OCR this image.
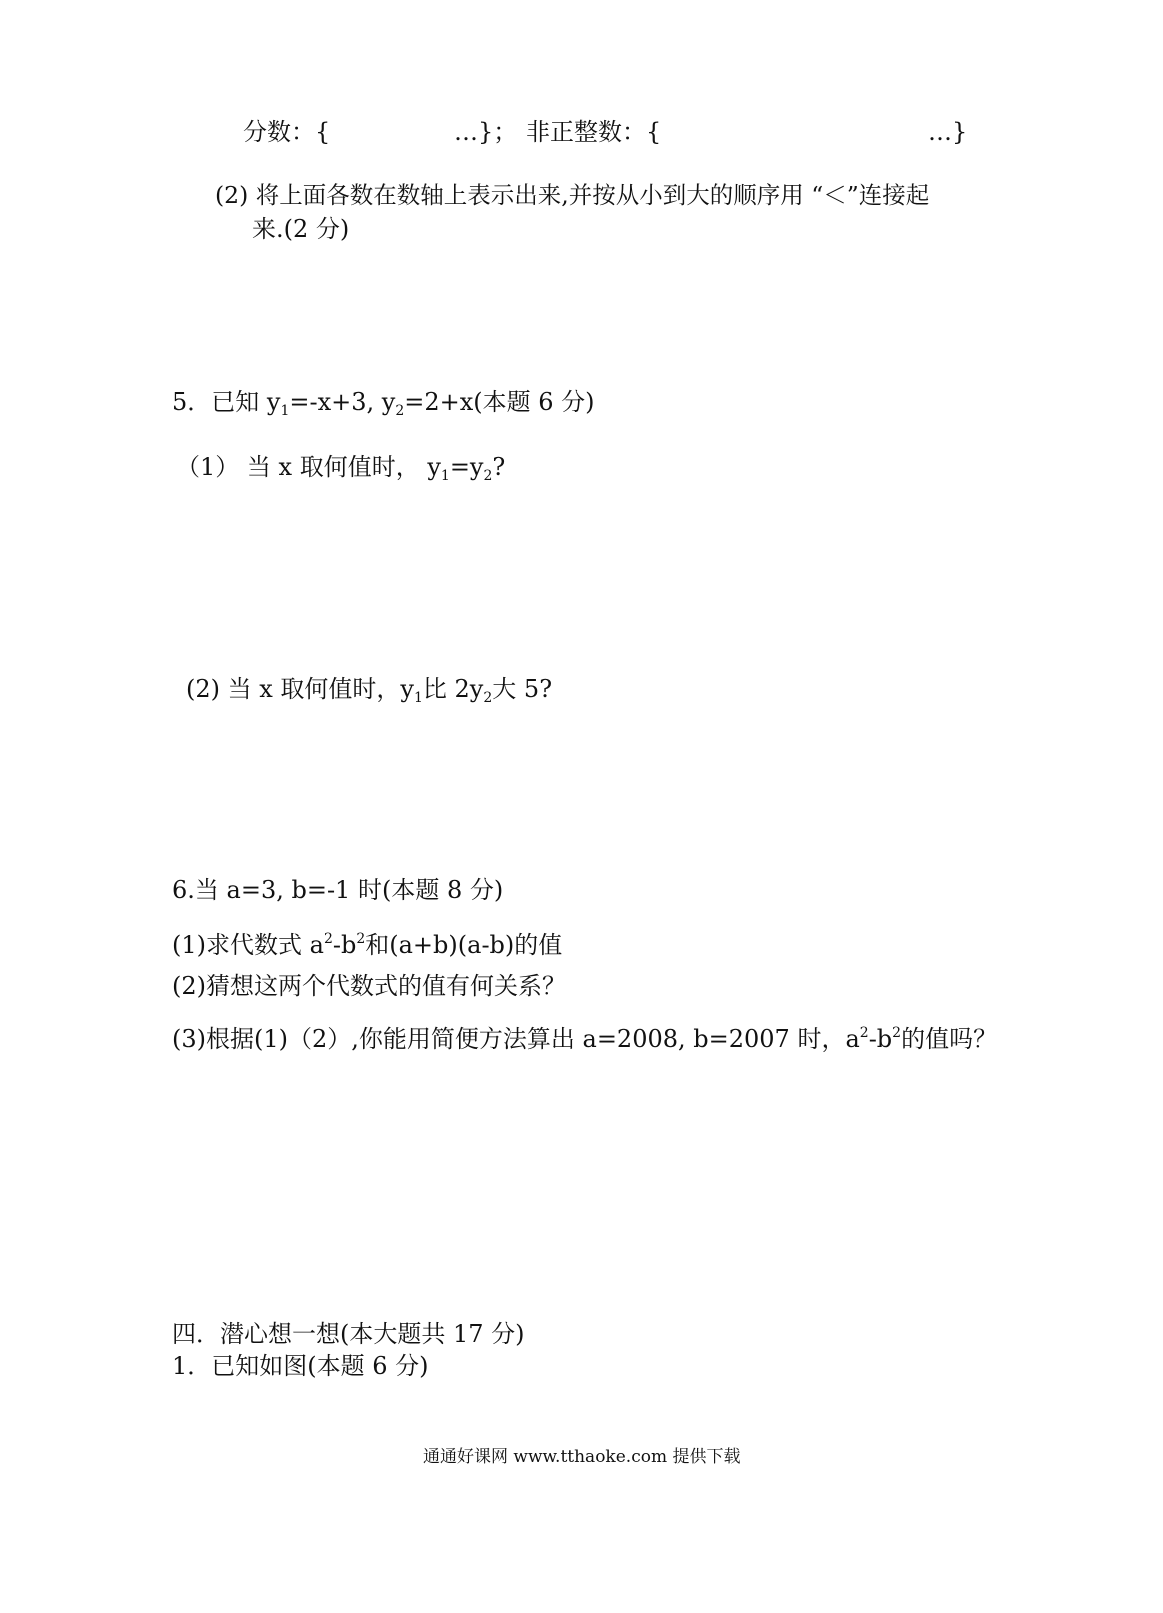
分数：{	…}； 非正整数：{	…}
(2) 将上面各数在数轴上表示出来,并按从小到大的顺序用 “＜”连接起
来.(2 分)
5．已知 $y_1=-x+3$, $y_2=2+x$(本题 6 分)
（1） 当 x 取何值时， $y_1=y_2$?
(2) 当 x 取何值时，$y_1$比 $2y_2$大 5?
6.当 a=3, b=-1 时(本题 8 分)
(1)求代数式 $a^2-b^2$和(a+b)(a-b)的值
(2)猜想这两个代数式的值有何关系？
(3)根据(1)（2）,你能用简便方法算出 a=2008, b=2007 时，$a^2-b^2$的值吗？
四．潜心想一想(本大题共 17 分)
1．已知如图(本题 6 分)
通通好课网 www.tthaoke.com 提供下载
